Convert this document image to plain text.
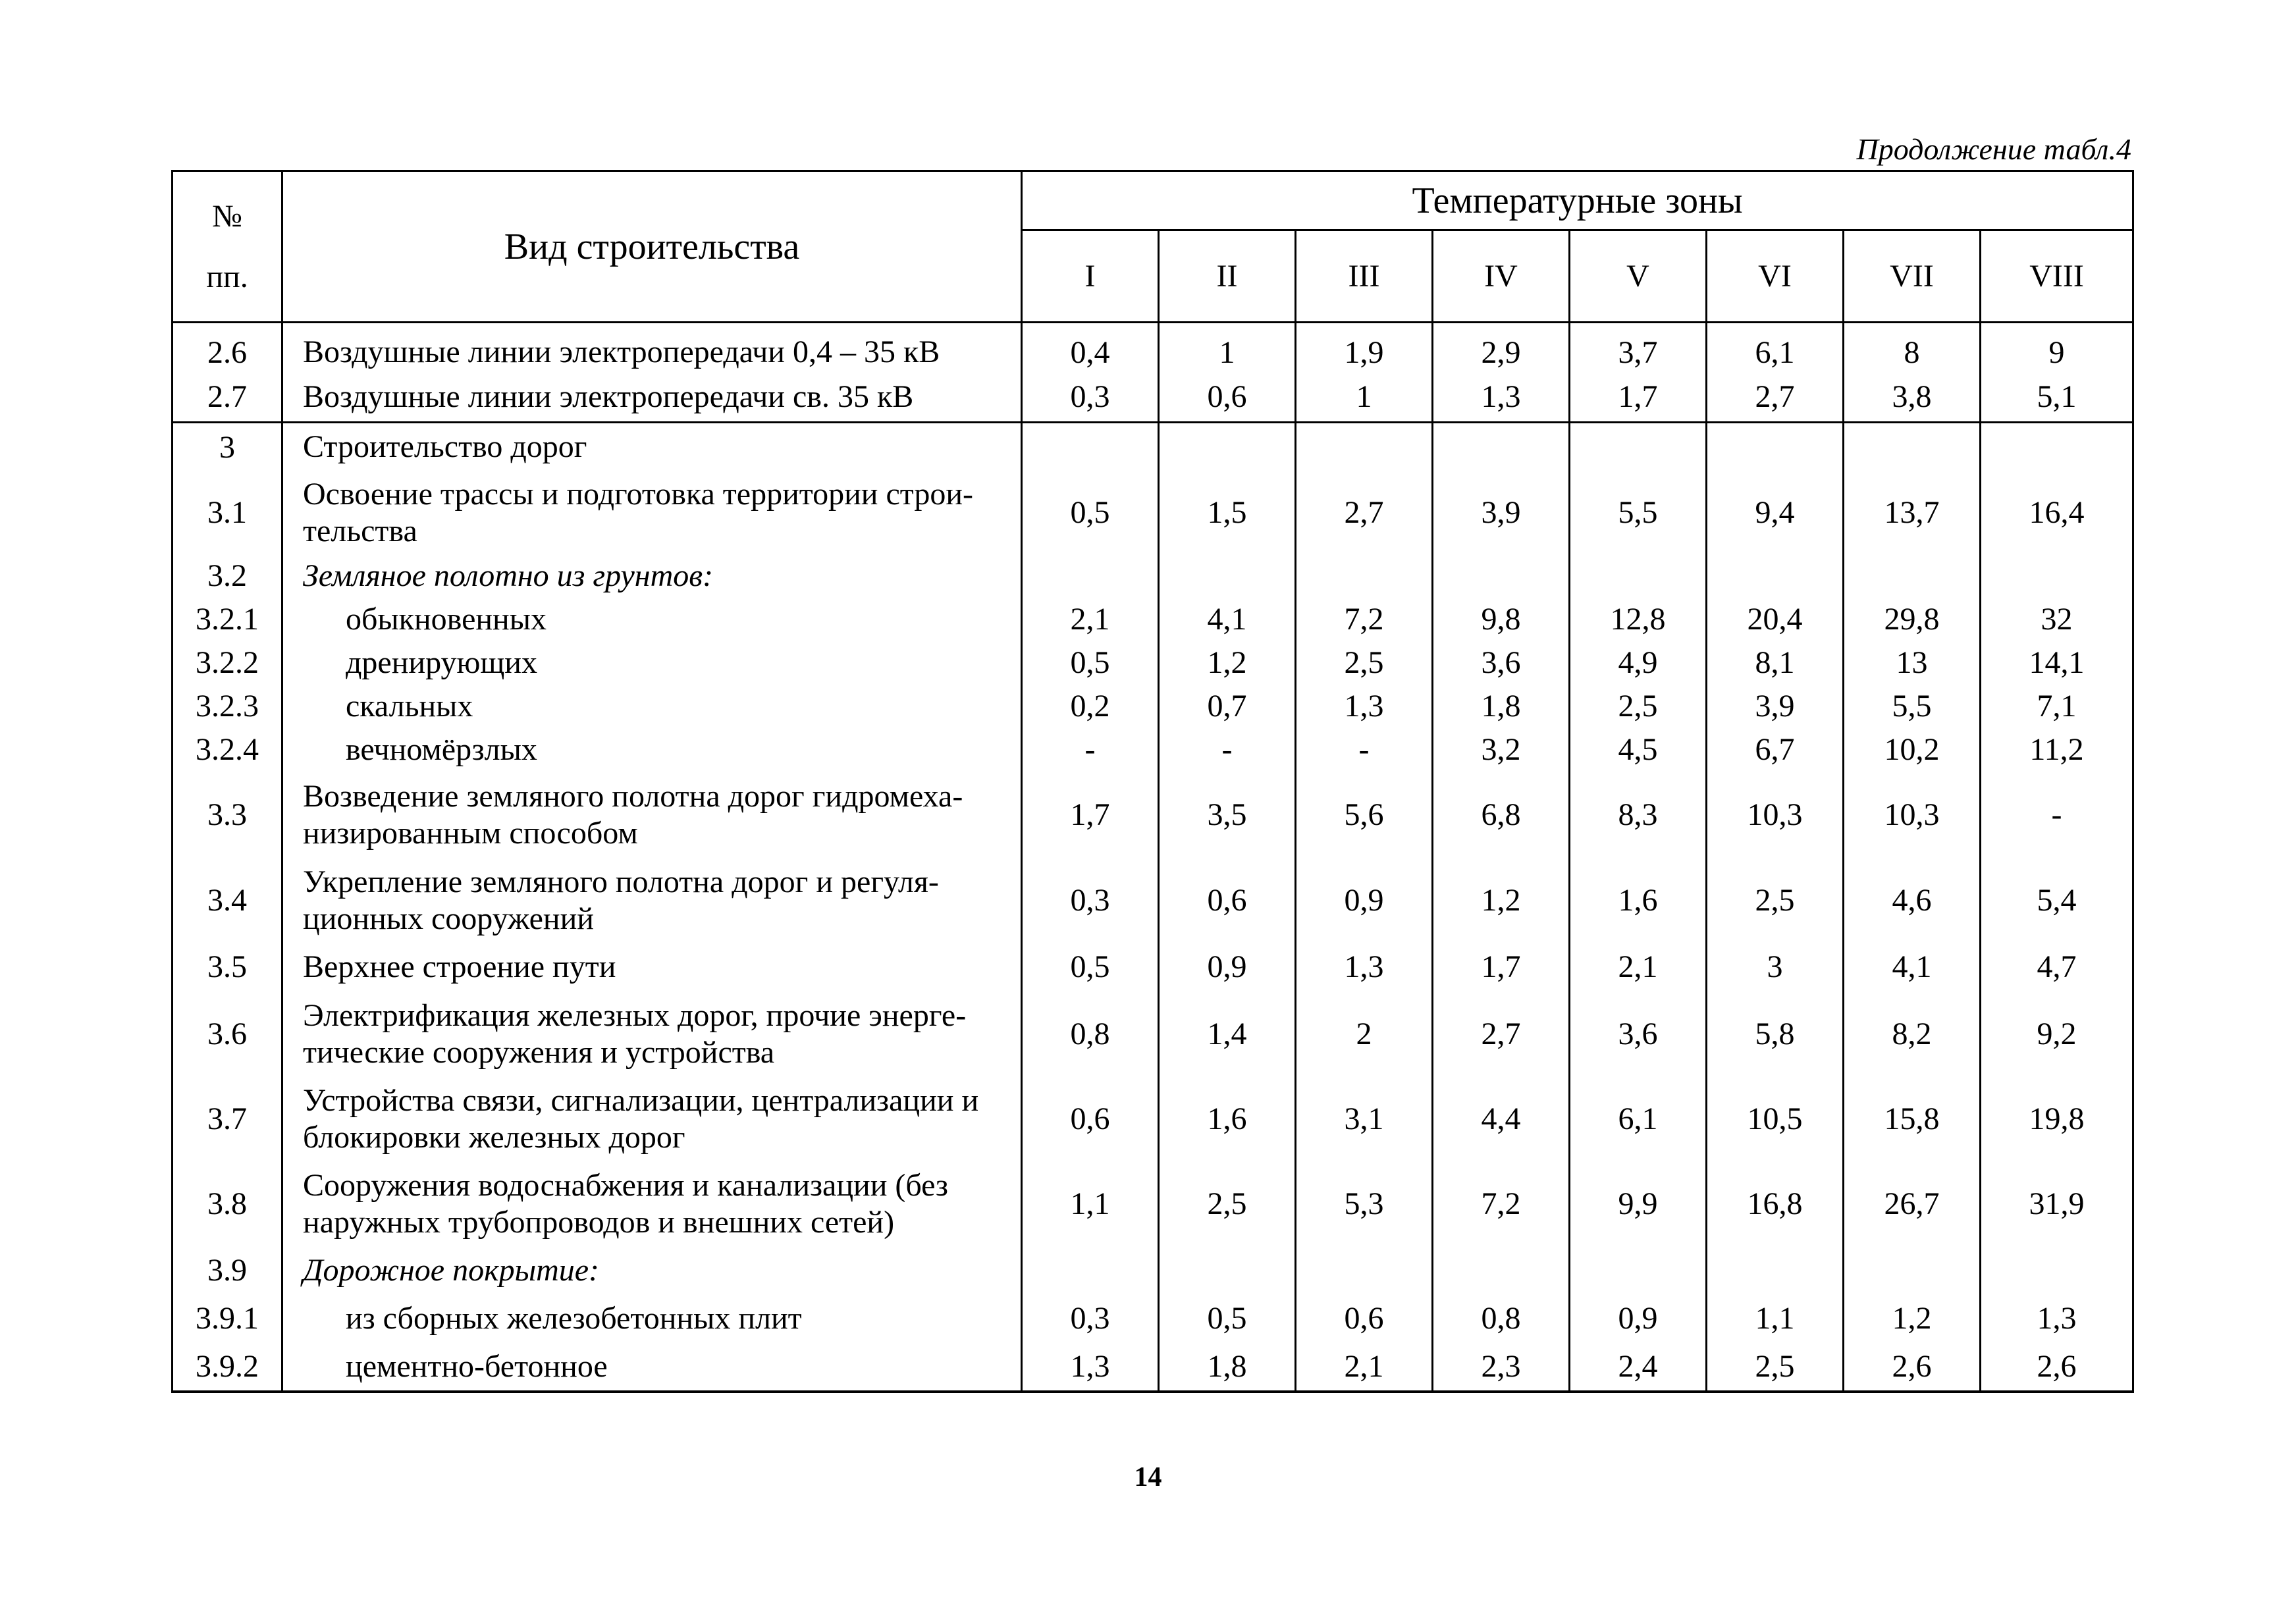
Продолжение табл.4
№
пп.	Вид строительства	Температурные зоны							
		I	II	III	IV	V	VI	VII	VIII
2.6	Воздушные линии электропередачи 0,4 – 35 кВ	0,4	1	1,9	2,9	3,7	6,1	8	9
2.7	Воздушные линии электропередачи св. 35 кВ	0,3	0,6	1	1,3	1,7	2,7	3,8	5,1
3	Строительство дорог								
3.1	Освоение трассы и подготовка территории строи-тельства	0,5	1,5	2,7	3,9	5,5	9,4	13,7	16,4
3.2	Земляное полотно из грунтов:								
3.2.1	обыкновенных	2,1	4,1	7,2	9,8	12,8	20,4	29,8	32
3.2.2	дренирующих	0,5	1,2	2,5	3,6	4,9	8,1	13	14,1
3.2.3	скальных	0,2	0,7	1,3	1,8	2,5	3,9	5,5	7,1
3.2.4	вечномёрзлых	-	-	-	3,2	4,5	6,7	10,2	11,2
3.3	Возведение земляного полотна дорог гидромеха-низированным способом	1,7	3,5	5,6	6,8	8,3	10,3	10,3	-
3.4	Укрепление земляного полотна дорог и регуля-ционных сооружений	0,3	0,6	0,9	1,2	1,6	2,5	4,6	5,4
3.5	Верхнее строение пути	0,5	0,9	1,3	1,7	2,1	3	4,1	4,7
3.6	Электрификация железных дорог, прочие энерге-тические сооружения и устройства	0,8	1,4	2	2,7	3,6	5,8	8,2	9,2
3.7	Устройства связи, сигнализации, централизации и блокировки железных дорог	0,6	1,6	3,1	4,4	6,1	10,5	15,8	19,8
3.8	Сооружения водоснабжения и канализации (без наружных трубопроводов и внешних сетей)	1,1	2,5	5,3	7,2	9,9	16,8	26,7	31,9
3.9	Дорожное покрытие:								
3.9.1	из сборных железобетонных плит	0,3	0,5	0,6	0,8	0,9	1,1	1,2	1,3
3.9.2	цементно-бетонное	1,3	1,8	2,1	2,3	2,4	2,5	2,6	2,6
14
